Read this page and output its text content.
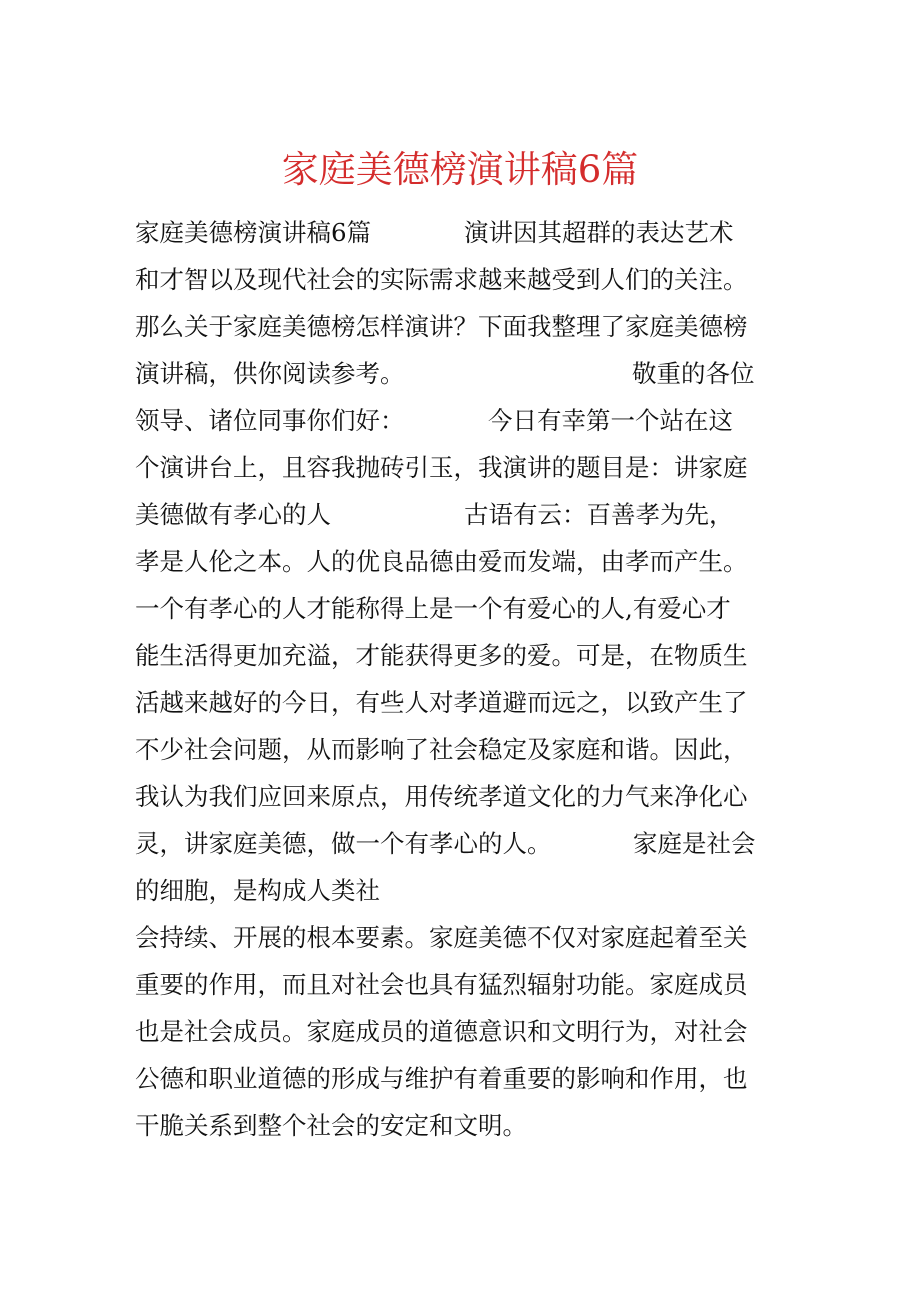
家庭美德榜演讲稿6篇
家庭美德榜演讲稿6篇	演讲因其超群的表达艺术
和才智以及现代社会的实际需求越来越受到人们的关注。
那么关于家庭美德榜怎样演讲？下面我整理了家庭美德榜
演讲稿，供你阅读参考。	敬重的各位
领导、诸位同事你们好：	今日有幸第一个站在这
个演讲台上，且容我抛砖引玉，我演讲的题目是：讲家庭
美德做有孝心的人	古语有云：百善孝为先，
孝是人伦之本。人的优良品德由爱而发端，由孝而产生。
一个有孝心的人才能称得上是一个有爱心的人,有爱心才
能生活得更加充溢，才能获得更多的爱。可是，在物质生
活越来越好的今日，有些人对孝道避而远之，以致产生了
不少社会问题，从而影响了社会稳定及家庭和谐。因此，
我认为我们应回来原点，用传统孝道文化的力气来净化心
灵，讲家庭美德，做一个有孝心的人。	家庭是社会
的细胞，是构成人类社
会持续、开展的根本要素。家庭美德不仅对家庭起着至关
重要的作用，而且对社会也具有猛烈辐射功能。家庭成员
也是社会成员。家庭成员的道德意识和文明行为，对社会
公德和职业道德的形成与维护有着重要的影响和作用，也
干脆关系到整个社会的安定和文明。
